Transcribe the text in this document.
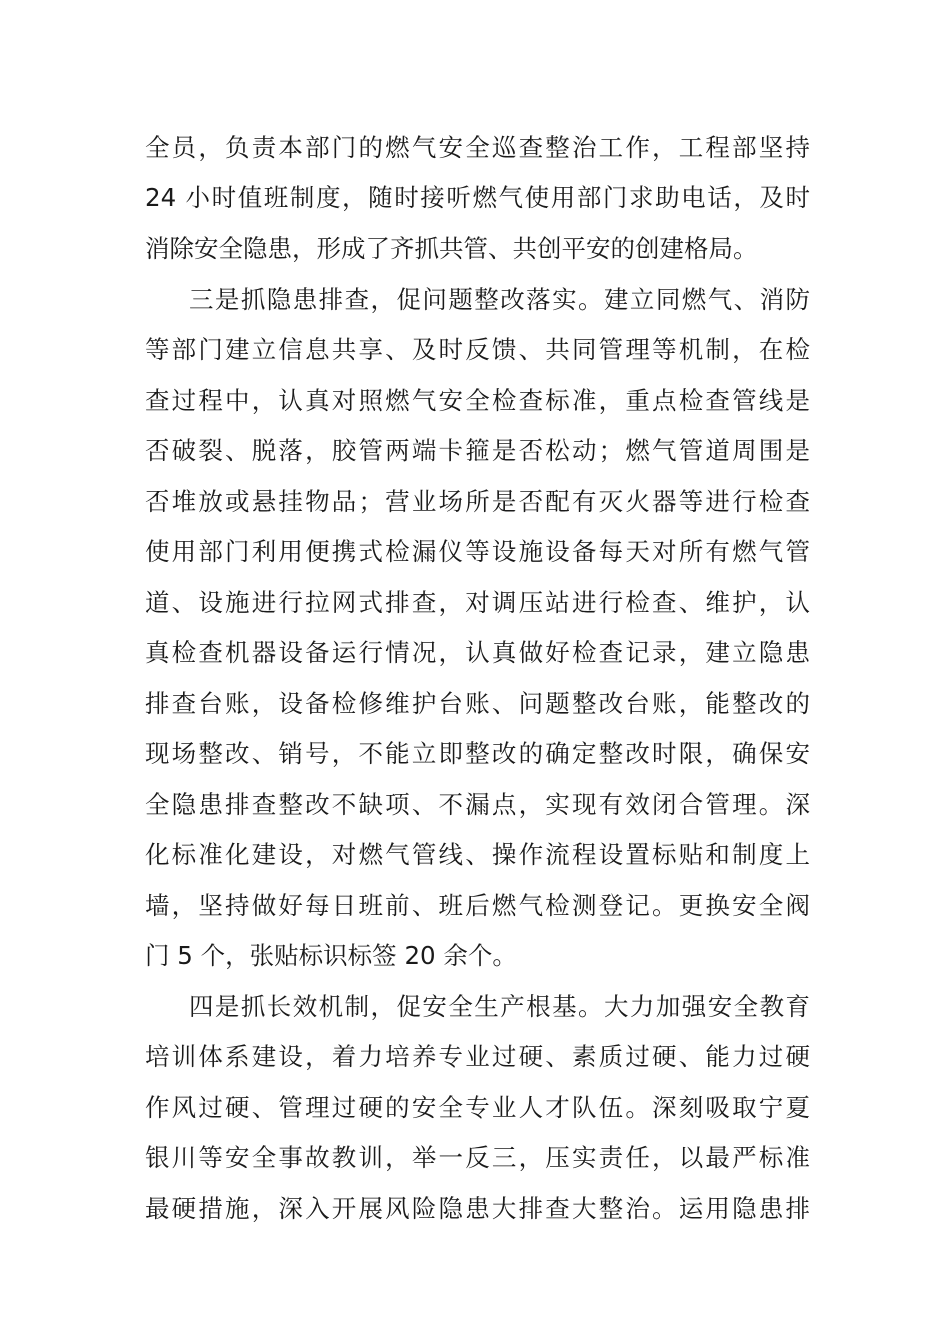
全员，负责本部门的燃气安全巡查整治工作，工程部坚持
24 小时值班制度，随时接听燃气使用部门求助电话，及时
消除安全隐患，形成了齐抓共管、共创平安的创建格局。
三是抓隐患排查，促问题整改落实。建立同燃气、消防
等部门建立信息共享、及时反馈、共同管理等机制，在检
查过程中，认真对照燃气安全检查标准，重点检查管线是
否破裂、脱落，胶管两端卡箍是否松动；燃气管道周围是
否堆放或悬挂物品；营业场所是否配有灭火器等进行检查
使用部门利用便携式检漏仪等设施设备每天对所有燃气管
道、设施进行拉网式排查，对调压站进行检查、维护，认
真检查机器设备运行情况，认真做好检查记录，建立隐患
排查台账，设备检修维护台账、问题整改台账，能整改的
现场整改、销号，不能立即整改的确定整改时限，确保安
全隐患排查整改不缺项、不漏点，实现有效闭合管理。深
化标准化建设，对燃气管线、操作流程设置标贴和制度上
墙，坚持做好每日班前、班后燃气检测登记。更换安全阀
门 5 个，张贴标识标签 20 余个。
四是抓长效机制，促安全生产根基。大力加强安全教育
培训体系建设，着力培养专业过硬、素质过硬、能力过硬
作风过硬、管理过硬的安全专业人才队伍。深刻吸取宁夏
银川等安全事故教训，举一反三，压实责任，以最严标准
最硬措施，深入开展风险隐患大排查大整治。运用隐患排
